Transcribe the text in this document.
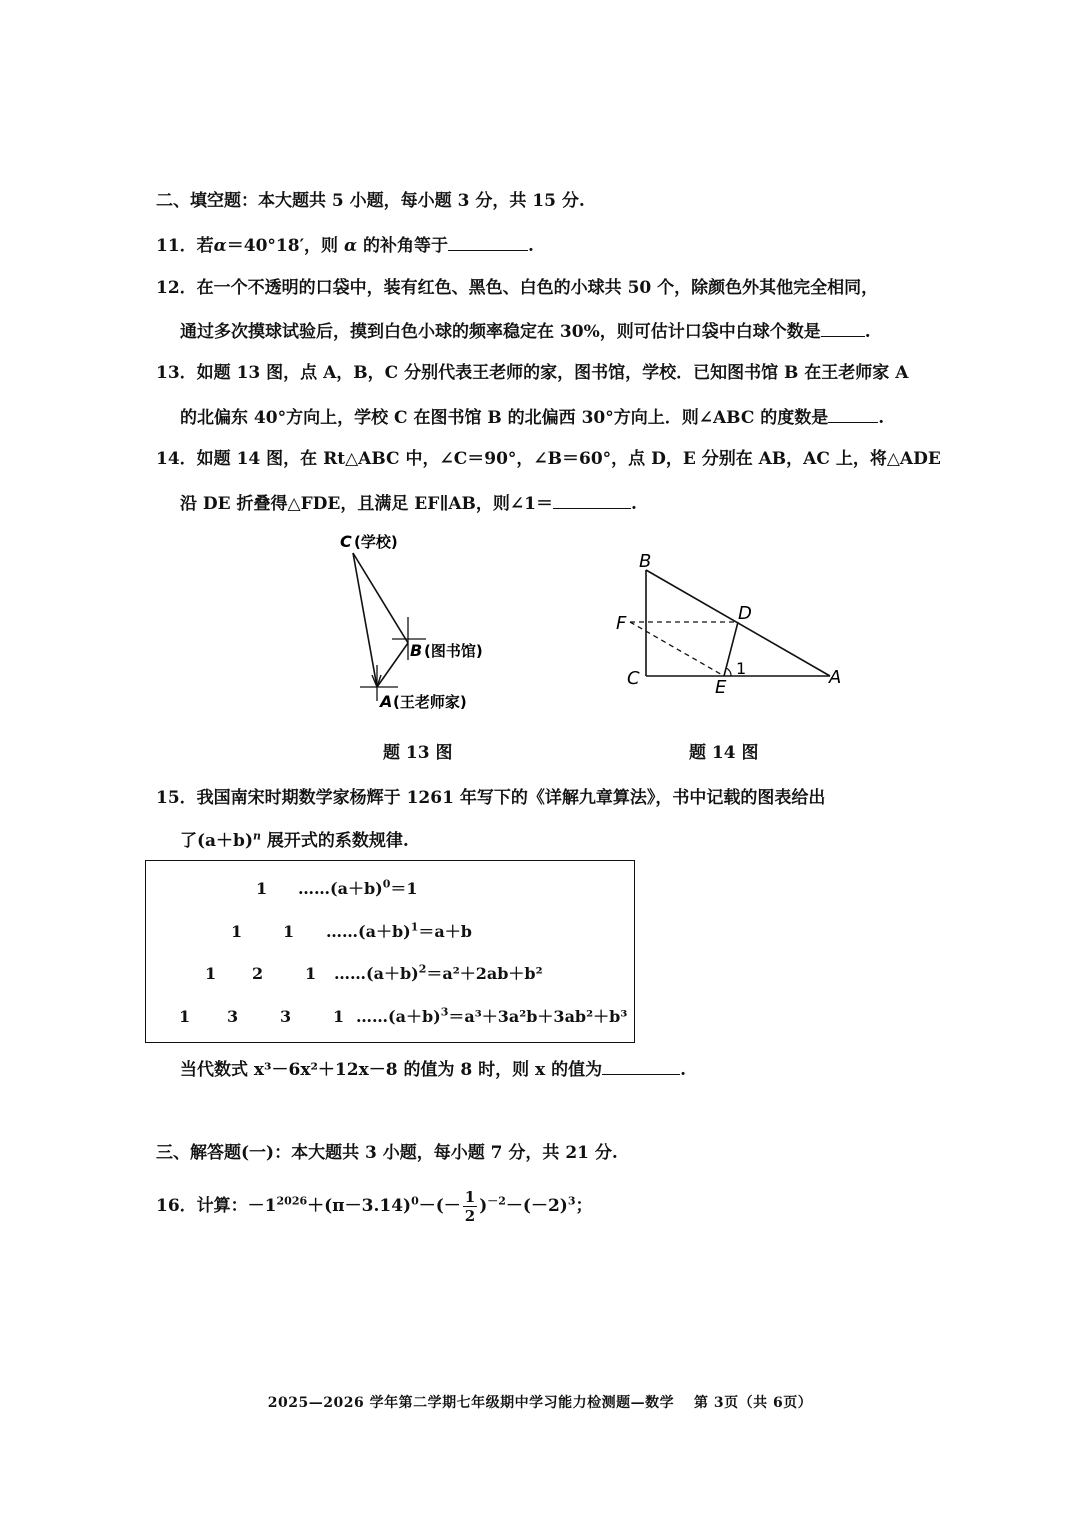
二、填空题：本大题共 5 小题，每小题 3 分，共 15 分.
11．若α＝40°18′，则 α 的补角等于	.
12．在一个不透明的口袋中，装有红色、黑色、白色的小球共 50 个，除颜色外其他完全相同，
通过多次摸球试验后，摸到白色小球的频率稳定在 30%，则可估计口袋中白球个数是	.
13．如题 13 图，点 A，B，C 分别代表王老师的家，图书馆，学校．已知图书馆 B 在王老师家 A
的北偏东 40°方向上，学校 C 在图书馆 B 的北偏西 30°方向上．则∠ABC 的度数是	.
14．如题 14 图，在 Rt△ABC 中，∠C＝90°，∠B＝60°，点 D，E 分别在 AB，AC 上，将△ADE
沿 DE 折叠得△FDE，且满足 EF∥AB，则∠1＝	.
C (学校)
B (图书馆)
A (王老师家)
题 13 图
B
D
F
C	E	A
1
题 14 图
15．我国南宋时期数学家杨辉于 1261 年写下的《详解九章算法》，书中记载的图表给出
了$(a+b)^n$ 展开式的系数规律.
1 $\dots\dots(a+b)^0=1$
1	1 $\dots\dots(a+b)^1=a+b$
1 2	1 $\dots\dots(a+b)^2=a^2+2ab+b^2$
1 3	3	1 $\dots\dots(a+b)^3=a^3+3a^2b+3ab^2+b^3$
当代数式 x³－6x²＋12x－8 的值为 8 时，则 x 的值为	.
三、解答题(一)：本大题共 3 小题，每小题 7 分，共 21 分.
16．计算：$-1^{2026}+(\pi-3.14)^0-(- \frac{1}{2} )^{-2}-(-2)^3$；
2025—2026 学年第二学期七年级期中学习能力检测题—数学　 第 3页（共 6页）
